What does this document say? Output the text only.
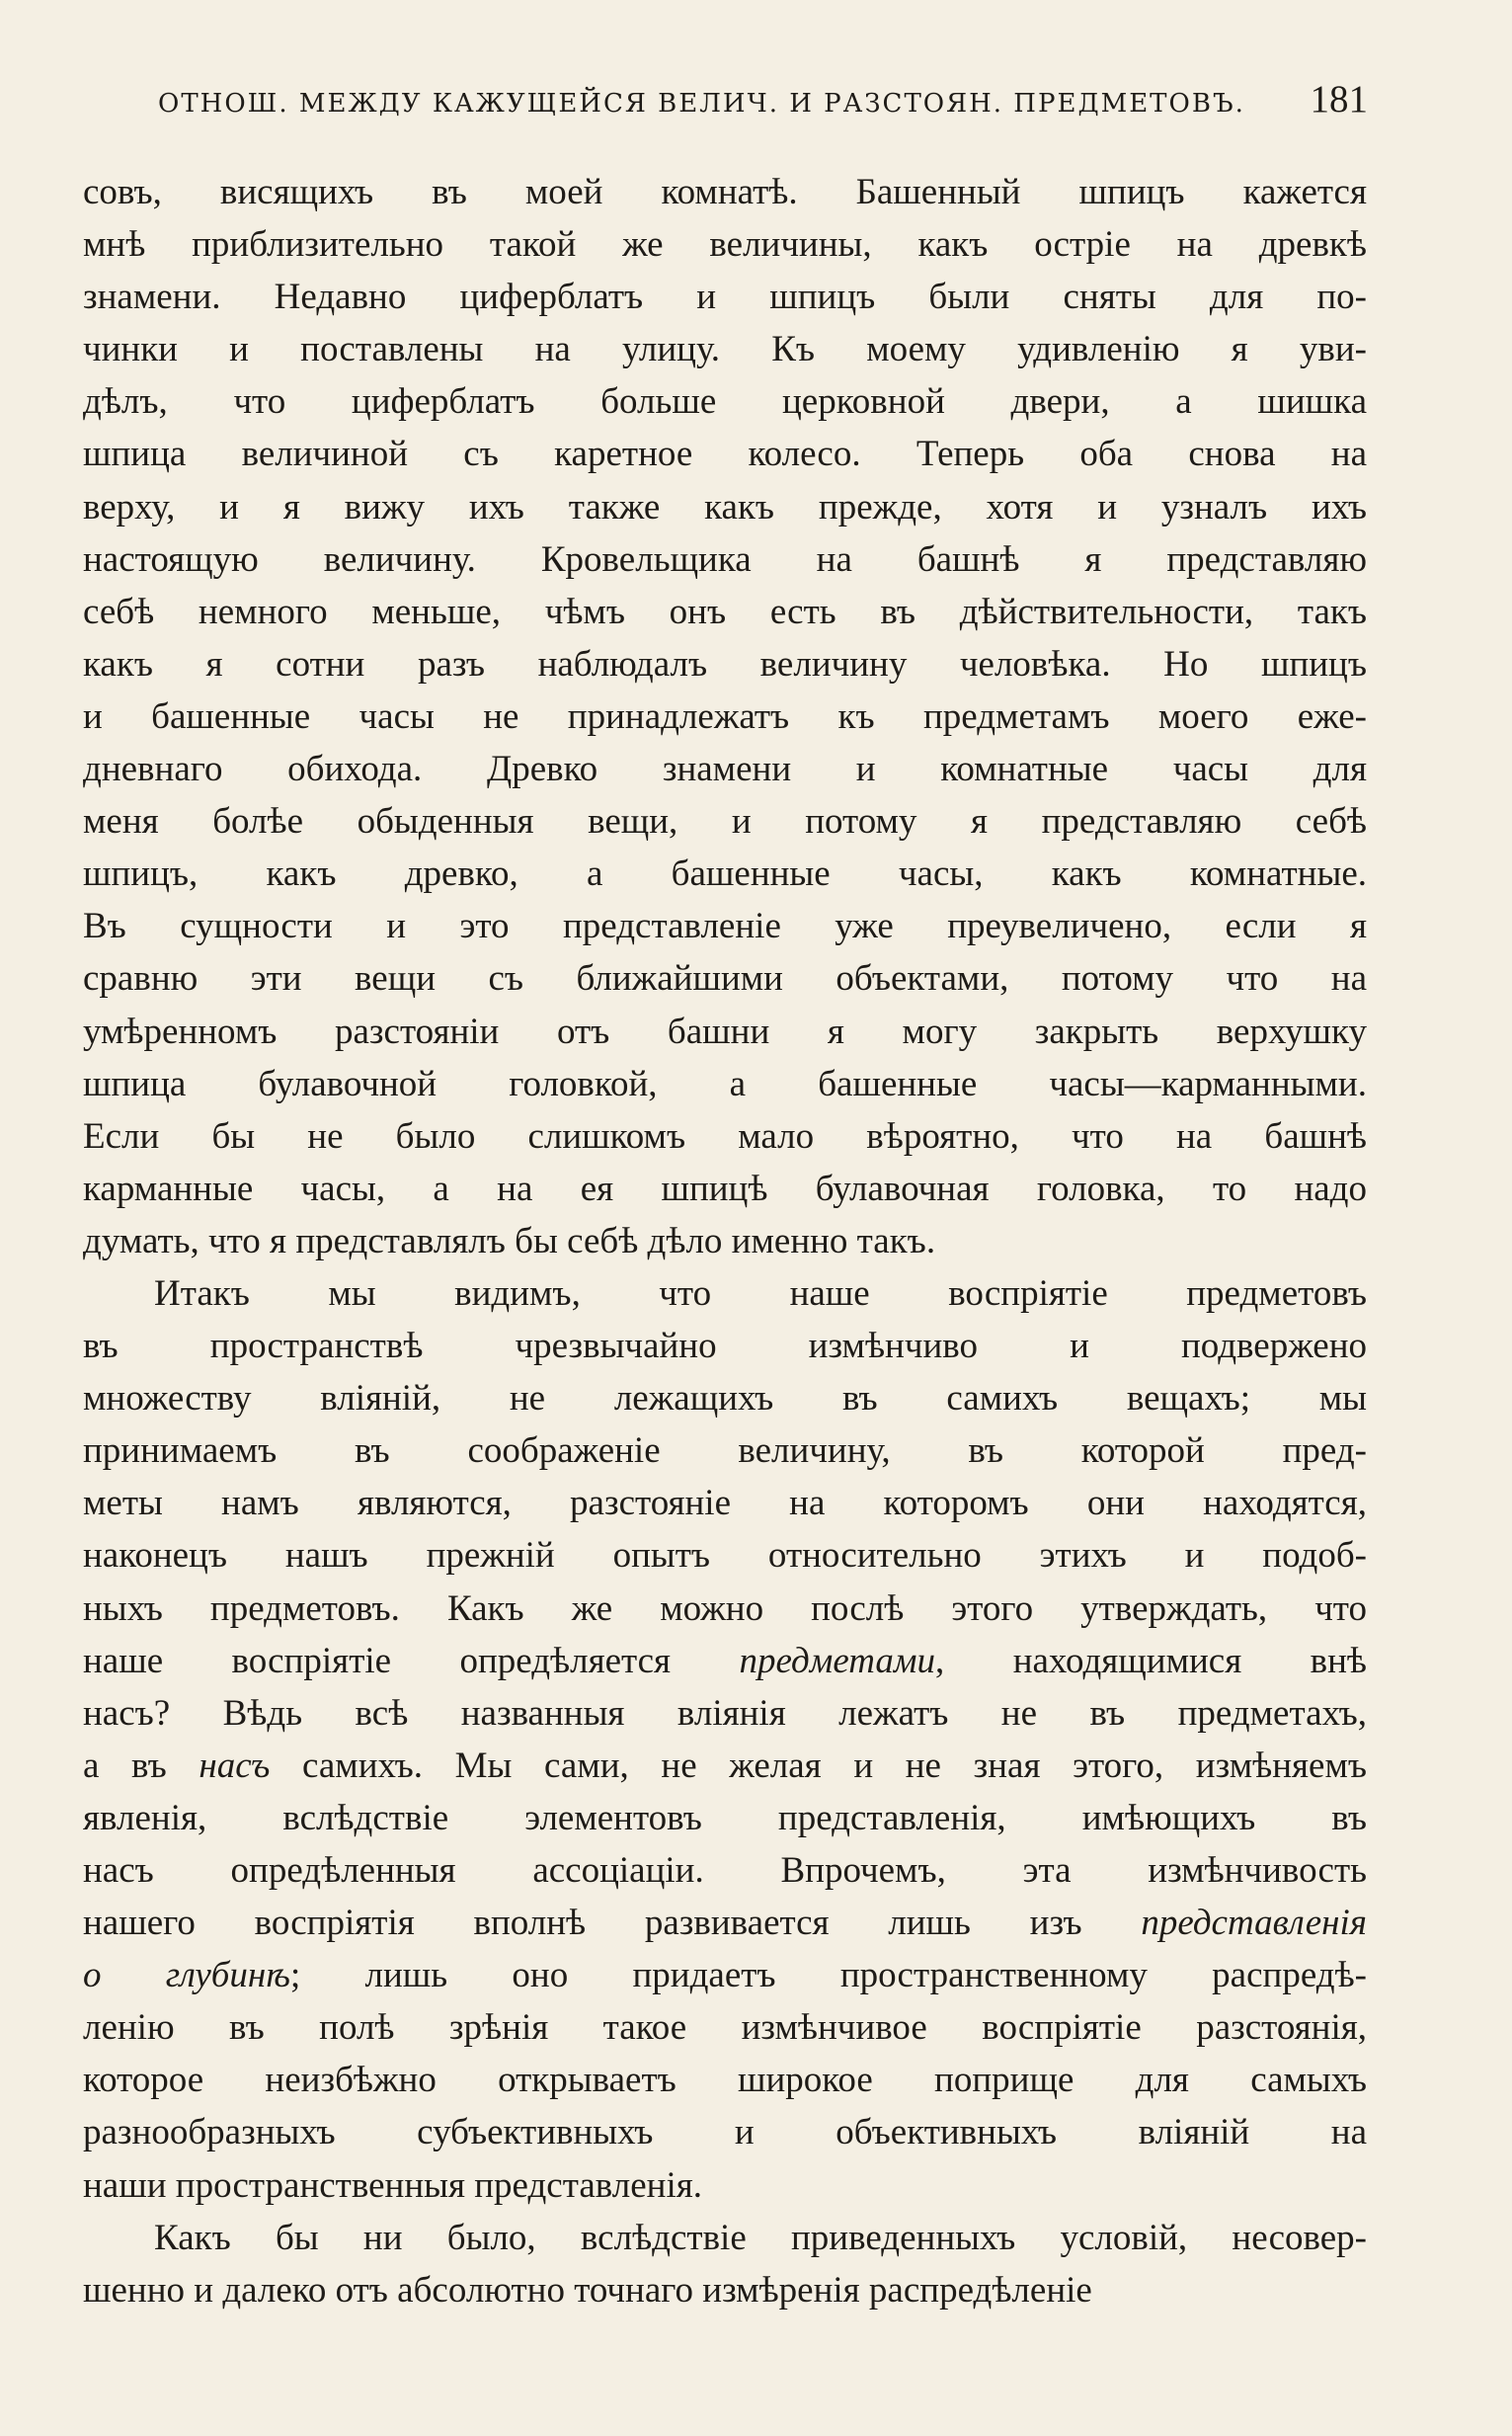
ОТНОШ. МЕЖДУ КАЖУЩЕЙСЯ ВЕЛИЧ. И РАЗСТОЯН. ПРЕДМЕТОВЪ. 181
совъ, висящихъ въ моей комнатѣ. Башенный шпицъ кажется
мнѣ приблизительно такой же величины, какъ остріе на древкѣ
знамени. Недавно циферблатъ и шпицъ были сняты для по-
чинки и поставлены на улицу. Къ моему удивленію я уви-
дѣлъ, что циферблатъ больше церковной двери, а шишка
шпица величиной съ каретное колесо. Теперь оба снова на
верху, и я вижу ихъ также какъ прежде, хотя и узналъ ихъ
настоящую величину. Кровельщика на башнѣ я представляю
себѣ немного меньше, чѣмъ онъ есть въ дѣйствительности, такъ
какъ я сотни разъ наблюдалъ величину человѣка. Но шпицъ
и башенные часы не принадлежатъ къ предметамъ моего еже-
дневнаго обихода. Древко знамени и комнатные часы для
меня болѣе обыденныя вещи, и потому я представляю себѣ
шпицъ, какъ древко, а башенные часы, какъ комнатные.
Въ сущности и это представленіе уже преувеличено, если я
сравню эти вещи съ ближайшими объектами, потому что на
умѣренномъ разстояніи отъ башни я могу закрыть верхушку
шпица булавочной головкой, а башенные часы—карманными.
Если бы не было слишкомъ мало вѣроятно, что на башнѣ
карманные часы, а на ея шпицѣ булавочная головка, то надо
думать, что я представлялъ бы себѣ дѣло именно такъ.
Итакъ мы видимъ, что наше воспріятіе предметовъ
въ пространствѣ чрезвычайно измѣнчиво и подвержено
множеству вліяній, не лежащихъ въ самихъ вещахъ; мы
принимаемъ въ соображеніе величину, въ которой пред-
меты намъ являются, разстояніе на которомъ они находятся,
наконецъ нашъ прежній опытъ относительно этихъ и подоб-
ныхъ предметовъ. Какъ же можно послѣ этого утверждать, что
наше воспріятіе опредѣляется предметами, находящимися внѣ
насъ? Вѣдь всѣ названныя вліянія лежатъ не въ предметахъ,
а въ насъ самихъ. Мы сами, не желая и не зная этого, измѣняемъ
явленія, вслѣдствіе элементовъ представленія, имѣющихъ въ
насъ опредѣленныя ассоціаціи. Впрочемъ, эта измѣнчивость
нашего воспріятія вполнѣ развивается лишь изъ представленія
о глубинѣ; лишь оно придаетъ пространственному распредѣ-
ленію въ полѣ зрѣнія такое измѣнчивое воспріятіе разстоянія,
которое неизбѣжно открываетъ широкое поприще для самыхъ
разнообразныхъ субъективныхъ и объективныхъ вліяній на
наши пространственныя представленія.
Какъ бы ни было, вслѣдствіе приведенныхъ условій, несовер-
шенно и далеко отъ абсолютно точнаго измѣренія распредѣленіе
